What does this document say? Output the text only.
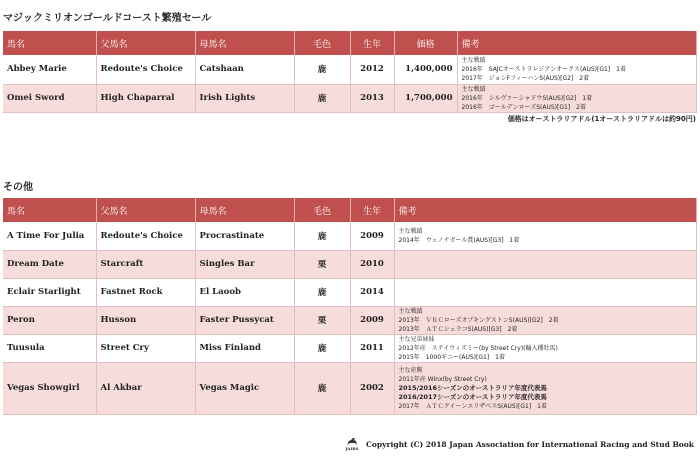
マジックミリオンゴールドコースト繁殖セール
馬名	父馬名	母馬名	毛色	生年	価格	備考
Abbey Marie	Redoute's Choice	Catshaan	鹿	2012	1,400,000	主な戦績
2016年　SAJCオーストラレジアンオークス(AUS)[G1]　1着
2017年　ジョンFフィーハンS(AUS)[G2]　2着

Omei Sword	High Chaparral	Irish Lights	鹿	2013	1,700,000	主な戦績
2016年　シルヴァーシャドウS(AUS)[G2]　1着
2016年　ゴールデンローズS(AUS)[G1]　2着
価格はオーストラリアドル(1オーストラリアドルは約90円)
その他
馬名	父馬名	母馬名	毛色	生年	備考
A Time For Julia	Redoute's Choice	Procrastinate	鹿	2009	主な戦績
2014年　ウェノナガール賞(AUS)[G3]　1着

Dream Date	Starcraft	Singles Bar	栗	2010	
Eclair Starlight	Fastnet Rock	El Laoob	鹿	2014	
Peron	Husson	Faster Pussycat	栗	2009	主な戦績
2013年　ＶＲＣローズオブキングストンS(AUS)[G2]　2着
2013年　ＡＴＣシェラコS(AUS)[G3]　2着

Tuusula	Street Cry	Miss Finland	鹿	2011	主な兄弟姉妹
2012年産　ステイウィズミー(by Street Cry)(輸入種牡馬)
2015年　1000ギニー(AUS)[G1]　1着

Vegas Showgirl	Al Akbar	Vegas Magic	鹿	2002	主な産駒
2011年産 Winx(by Street Cry)
2015/2016シーズンのオーストラリア年度代表馬
2016/2017シーズンのオーストラリア年度代表馬
2017年　ＡＴＣクイーンエリザベスS(AUS)[G1]　1着
JAIRS Copyright (C) 2018 Japan Association for International Racing and Stud Book
